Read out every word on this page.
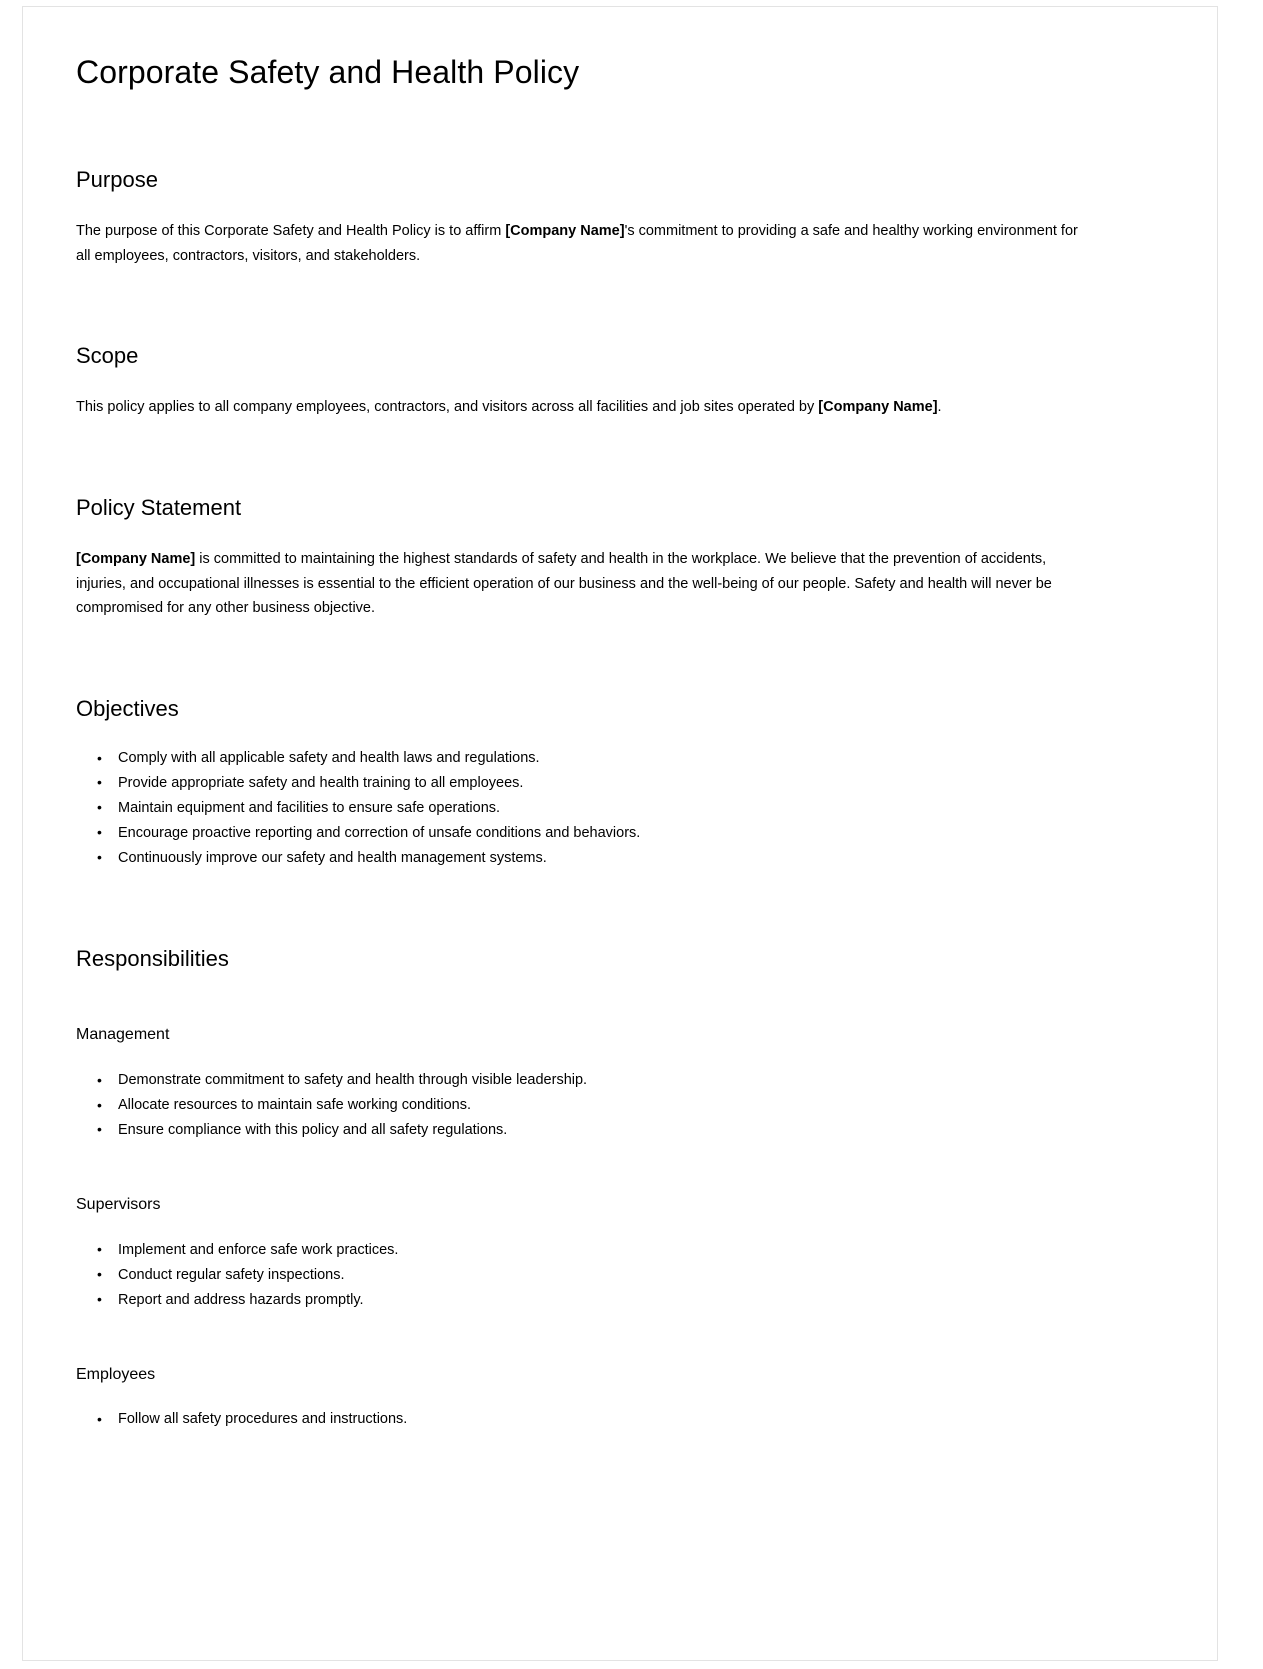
Corporate Safety and Health Policy
Purpose

The purpose of this Corporate Safety and Health Policy is to affirm [Company Name]'s commitment to providing a safe and healthy working environment for all employees, contractors, visitors, and stakeholders.

Scope

This policy applies to all company employees, contractors, and visitors across all facilities and job sites operated by [Company Name].

Policy Statement

[Company Name] is committed to maintaining the highest standards of safety and health in the workplace. We believe that the prevention of accidents, injuries, and occupational illnesses is essential to the efficient operation of our business and the well-being of our people. Safety and health will never be compromised for any other business objective.

Objectives
• Comply with all applicable safety and health laws and regulations.
• Provide appropriate safety and health training to all employees.
• Maintain equipment and facilities to ensure safe operations.
• Encourage proactive reporting and correction of unsafe conditions and behaviors.
• Continuously improve our safety and health management systems.
Responsibilities
Management
• Demonstrate commitment to safety and health through visible leadership.
• Allocate resources to maintain safe working conditions.
• Ensure compliance with this policy and all safety regulations.
Supervisors
• Implement and enforce safe work practices.
• Conduct regular safety inspections.
• Report and address hazards promptly.
Employees
• Follow all safety procedures and instructions.
